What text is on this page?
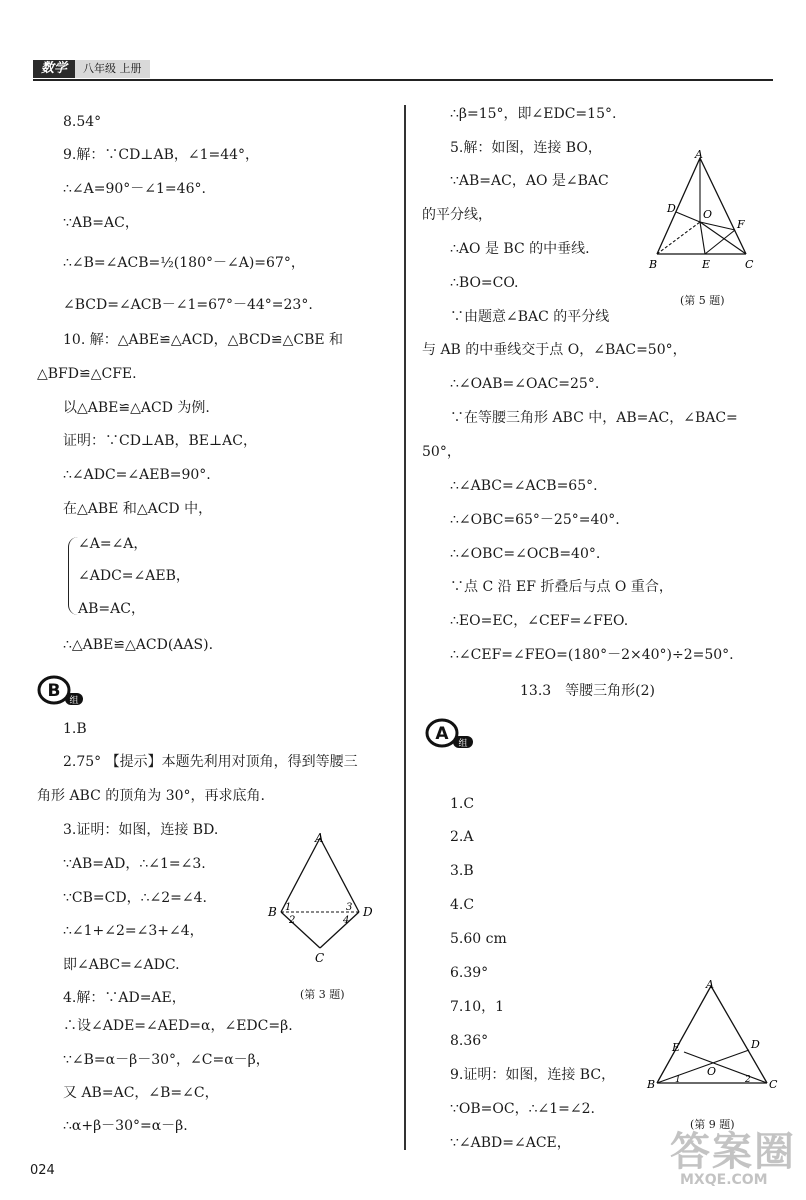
数学	八年级 上册
8.54°
9.解：∵CD⊥AB，∠1=44°，
∴∠A=90°－∠1=46°.
∵AB=AC，
∴∠B=∠ACB=½(180°－∠A)=67°，
∠BCD=∠ACB－∠1=67°－44°=23°.
10. 解：△ABE≌△ACD，△BCD≌△CBE 和
△BFD≌△CFE.
以△ABE≌△ACD 为例.
证明：∵CD⊥AB，BE⊥AC，
∴∠ADC=∠AEB=90°.
在△ABE 和△ACD 中，
∠A=∠A，
∠ADC=∠AEB，
AB=AC，
∴△ABE≌△ACD(AAS).
1.B
2.75° 【提示】本题先利用对顶角，得到等腰三
角形 ABC 的顶角为 30°，再求底角.
3.证明：如图，连接 BD.
∵AB=AD，∴∠1=∠3.
∵CB=CD，∴∠2=∠4.
∴∠1+∠2=∠3+∠4，
即∠ABC=∠ADC.
4.解：∵AD=AE，
∴设∠ADE=∠AED=α，∠EDC=β.
∵∠B=α－β－30°，∠C=α－β，
又 AB=AC，∠B=∠C，
∴α+β－30°=α－β.
∴β=15°，即∠EDC=15°.
5.解：如图，连接 BO，
∵AB=AC，AO 是∠BAC
的平分线，
∴AO 是 BC 的中垂线.
∴BO=CO.
∵由题意∠BAC 的平分线
与 AB 的中垂线交于点 O，∠BAC=50°，
∴∠OAB=∠OAC=25°.
∵在等腰三角形 ABC 中，AB=AC，∠BAC=
50°，
∴∠ABC=∠ACB=65°.
∴∠OBC=65°－25°=40°.
∴∠OBC=∠OCB=40°.
∵点 C 沿 EF 折叠后与点 O 重合，
∴EO=EC，∠CEF=∠FEO.
∴∠CEF=∠FEO=(180°－2×40°)÷2=50°.
1.C
2.A
3.B
4.C
5.60 cm
6.39°
7.10，1
8.36°
9.证明：如图，连接 BC，
∵OB=OC，∴∠1=∠2.
∵∠ABD=∠ACE，
B 组
A 组
13.3　等腰三角形(2)
A
D O
F
B	E	C
(第 5 题)
A
B	D
C
1
2
3
4
(第 3 题)
A
E	D
O
B	C
1	2
(第 9 题)
024	答案圈
MXQE.COM
